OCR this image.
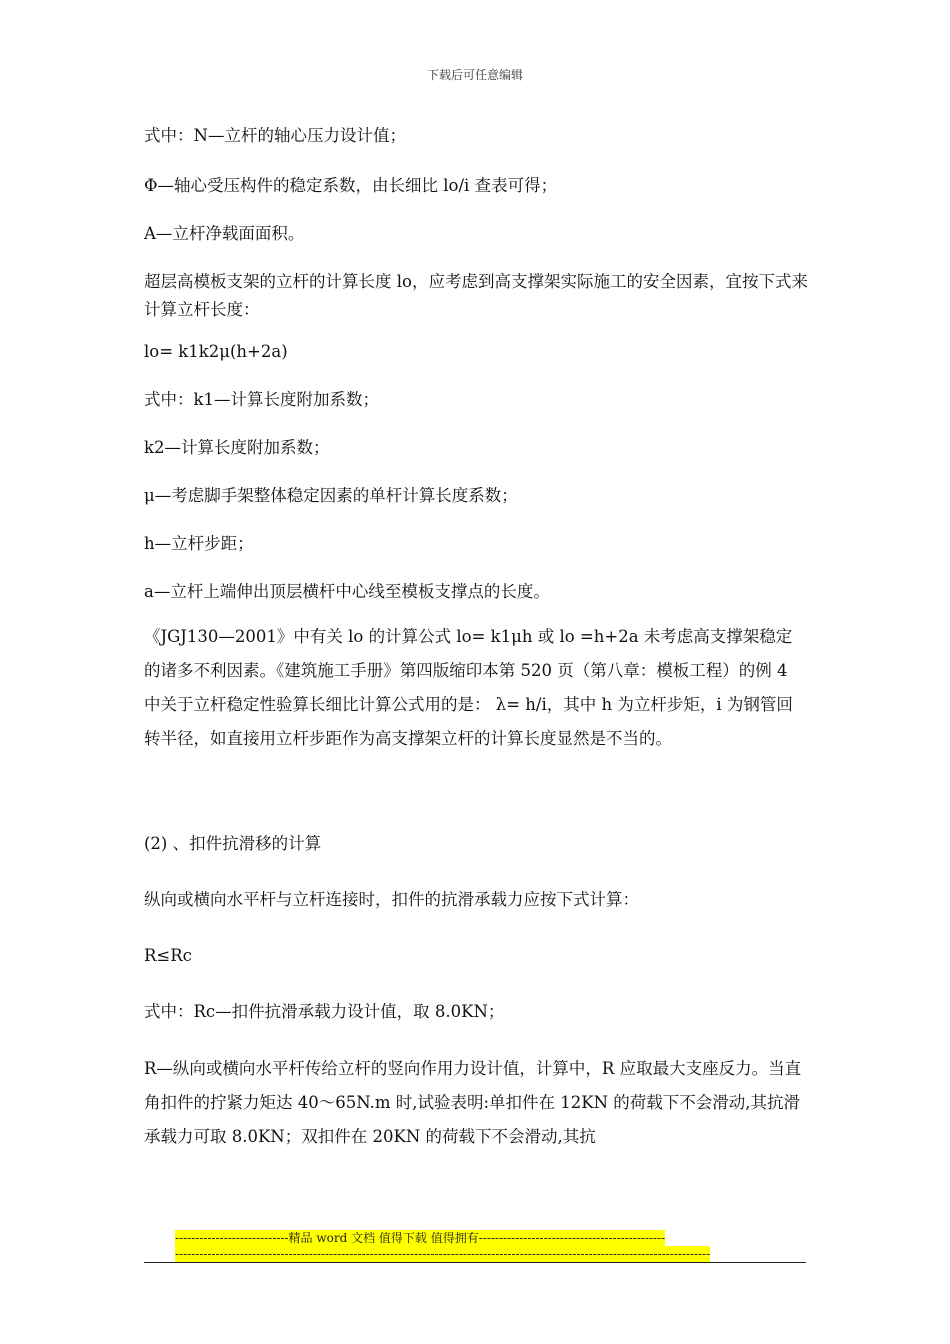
下载后可任意编辑

式中：N—立杆的轴心压力设计值；

Φ—轴心受压构件的稳定系数，由长细比 lo/i 查表可得；

A—立杆净载面面积。

超层高模板支架的立杆的计算长度 lo，应考虑到高支撑架实际施工的安全因素，宜按下式来计算立杆长度：

lo= k1k2μ(h+2a)

式中：k1—计算长度附加系数；

k2—计算长度附加系数；

μ—考虑脚手架整体稳定因素的单杆计算长度系数；

h—立杆步距；

a—立杆上端伸出顶层横杆中心线至模板支撑点的长度。

《JGJ130—2001》中有关 lo 的计算公式 lo= k1μh 或 lo =h+2a 未考虑高支撑架稳定的诸多不利因素。《建筑施工手册》第四版缩印本第 520 页（第八章：模板工程）的例 4 中关于立杆稳定性验算长细比计算公式用的是： λ= h/i，其中 h 为立杆步矩，i 为钢管回转半径，如直接用立杆步距作为高支撑架立杆的计算长度显然是不当的。

(2) 、扣件抗滑移的计算

纵向或横向水平杆与立杆连接时，扣件的抗滑承载力应按下式计算：

R≤Rc

式中：Rc—扣件抗滑承载力设计值，取 8.0KN；

R—纵向或横向水平杆传给立杆的竖向作用力设计值，计算中，R 应取最大支座反力。当直角扣件的拧紧力矩达 40～65N.m 时,试验表明:单扣件在 12KN 的荷载下不会滑动,其抗滑承载力可取 8.0KN；双扣件在 20KN 的荷载下不会滑动,其抗

----------------------------精品 word 文档 值得下载 值得拥有----------------------------------------------
------------------------------------------------------------------------------------------------------------------------------------
